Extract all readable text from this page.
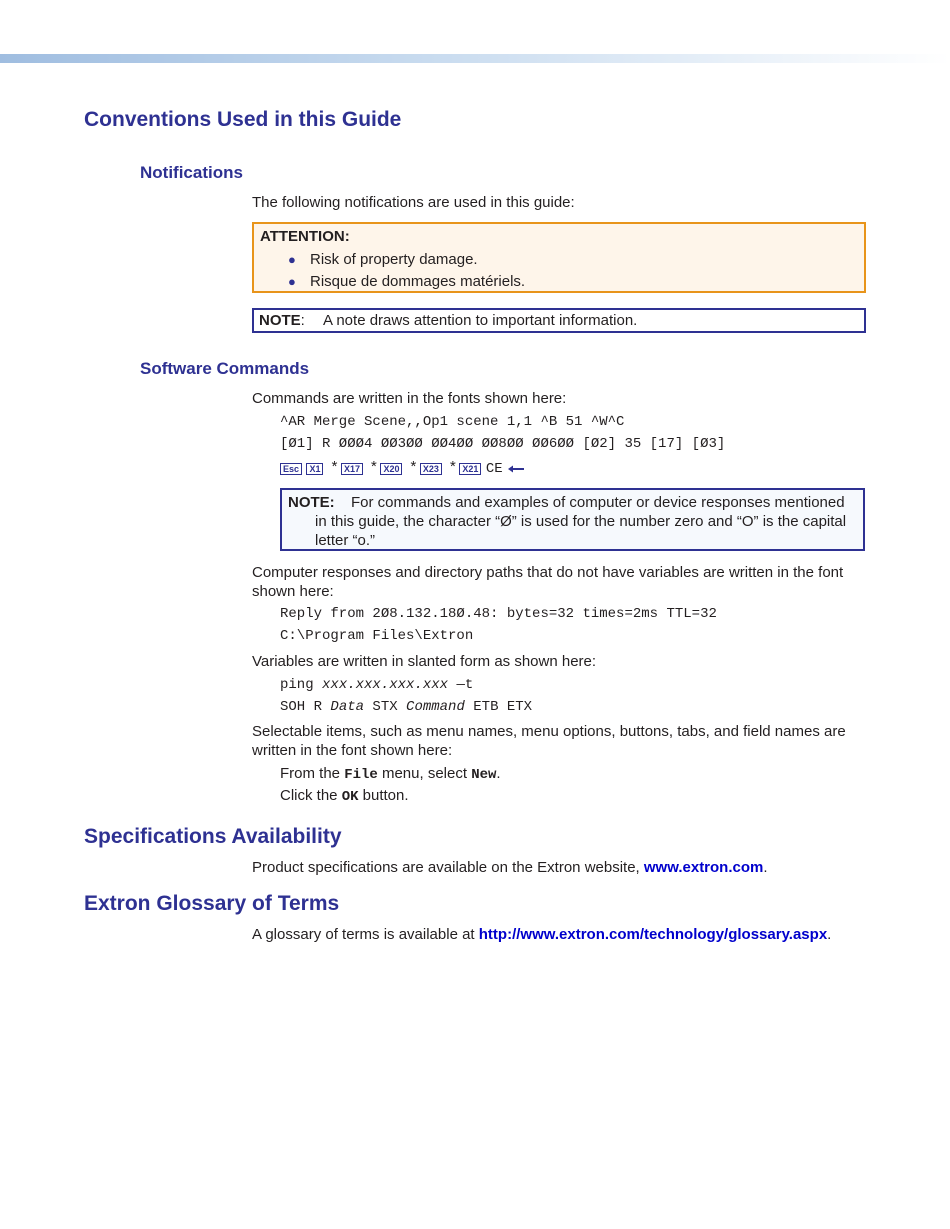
Conventions Used in this Guide
Notifications

The following notifications are used in this guide:

ATTENTION:
● Risk of property damage.
● Risque de dommages matériels.
NOTE: A note draws attention to important information.
Software Commands

Commands are written in the fonts shown here:

^AR Merge Scene,,Op1 scene 1,1 ^B 51 ^W^C

[Ø1] R ØØØ4 ØØ3ØØ ØØ4ØØ ØØ8ØØ ØØ6ØØ [Ø2] 35 [17] [Ø3]

Esc X1 * X17 * X20 * X23 * X21 CE
NOTE: For commands and examples of computer or device responses mentioned
in this guide, the character “Ø” is used for the number zero and “O” is the capital
letter “o.”

Computer responses and directory paths that do not have variables are written in the font

shown here:

Reply from 2Ø8.132.18Ø.48: bytes=32 times=2ms TTL=32

C:\Program Files\Extron

Variables are written in slanted form as shown here:

ping xxx.xxx.xxx.xxx —t

SOH R Data STX Command ETB ETX

Selectable items, such as menu names, menu options, buttons, tabs, and field names are

written in the font shown here:

From the File menu, select New.

Click the OK button.

Specifications Availability

Product specifications are available on the Extron website, www.extron.com.

Extron Glossary of Terms

A glossary of terms is available at http://www.extron.com/technology/glossary.aspx.
